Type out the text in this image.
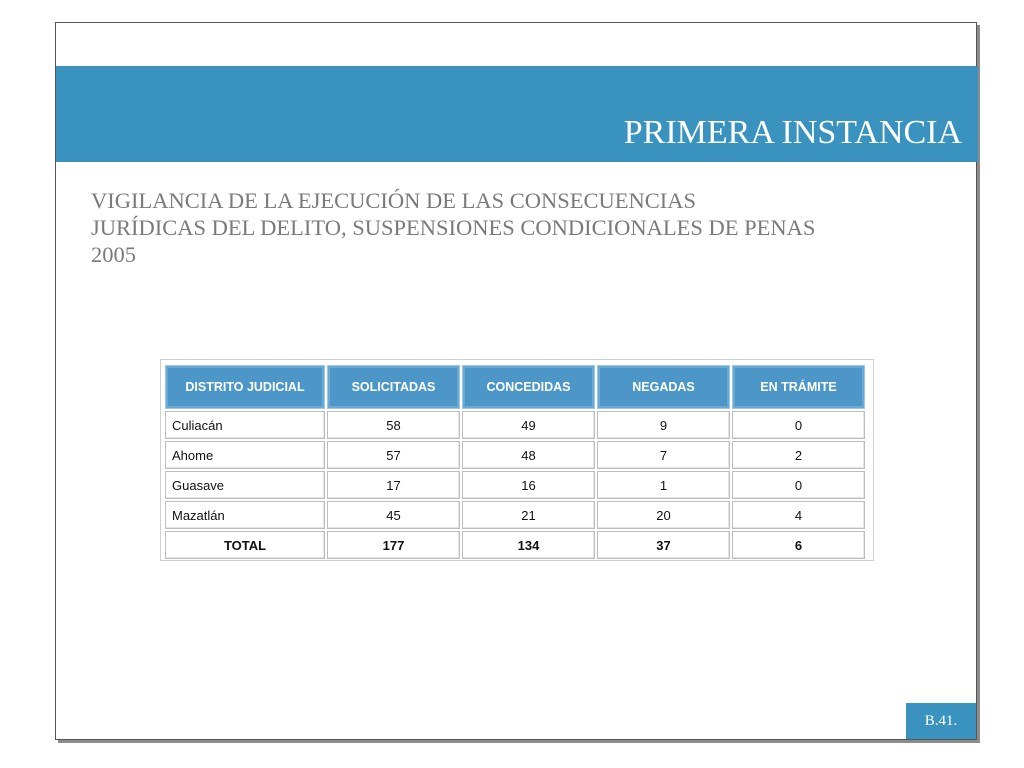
PRIMERA INSTANCIA
VIGILANCIA DE LA EJECUCIÓN DE LAS CONSECUENCIAS
JURÍDICAS DEL DELITO, SUSPENSIONES CONDICIONALES DE PENAS
2005
DISTRITO JUDICIAL	SOLICITADAS	CONCEDIDAS	NEGADAS	EN TRÁMITE
Culiacán	58	49	9	0
Ahome	57	48	7	2
Guasave	17	16	1	0
Mazatlán	45	21	20	4
TOTAL	177	134	37	6
B.41.
